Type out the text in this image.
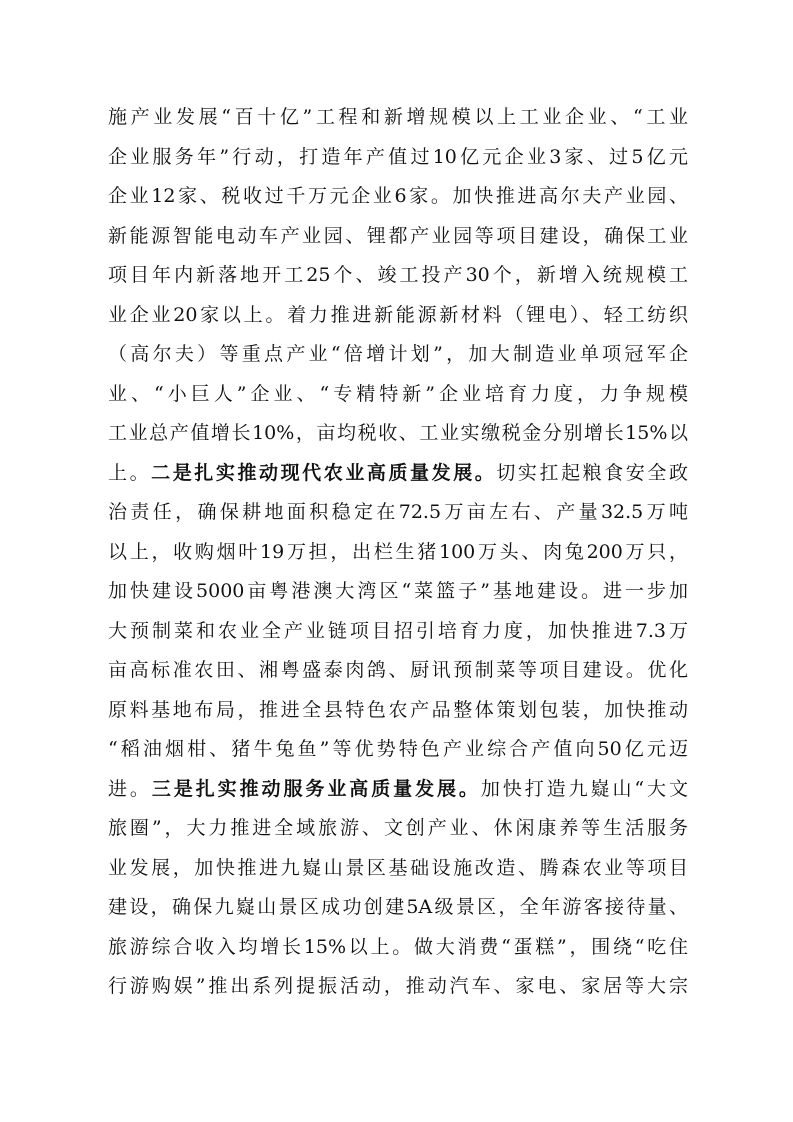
施产业发展“百十亿”工程和新增规模以上工业企业、“工业
企业服务年”行动，打造年产值过10亿元企业3家、过5亿元
企业12家、税收过千万元企业6家。加快推进高尔夫产业园、
新能源智能电动车产业园、锂都产业园等项目建设，确保工业
项目年内新落地开工25个、竣工投产30个，新增入统规模工
业企业20家以上。着力推进新能源新材料（锂电）、轻工纺织
（高尔夫）等重点产业“倍增计划”，加大制造业单项冠军企
业、“小巨人”企业、“专精特新”企业培育力度，力争规模
工业总产值增长10%，亩均税收、工业实缴税金分别增长15%以
上。二是扎实推动现代农业高质量发展。切实扛起粮食安全政
治责任，确保耕地面积稳定在72.5万亩左右、产量32.5万吨
以上，收购烟叶19万担，出栏生猪100万头、肉兔200万只，
加快建设5000亩粤港澳大湾区“菜篮子”基地建设。进一步加
大预制菜和农业全产业链项目招引培育力度，加快推进7.3万
亩高标准农田、湘粤盛泰肉鸽、厨讯预制菜等项目建设。优化
原料基地布局，推进全县特色农产品整体策划包装，加快推动
“稻油烟柑、猪牛兔鱼”等优势特色产业综合产值向50亿元迈
进。三是扎实推动服务业高质量发展。加快打造九嶷山“大文
旅圈”，大力推进全域旅游、文创产业、休闲康养等生活服务
业发展，加快推进九嶷山景区基础设施改造、腾森农业等项目
建设，确保九嶷山景区成功创建5A级景区，全年游客接待量、
旅游综合收入均增长15%以上。做大消费“蛋糕”，围绕“吃住
行游购娱”推出系列提振活动，推动汽车、家电、家居等大宗
